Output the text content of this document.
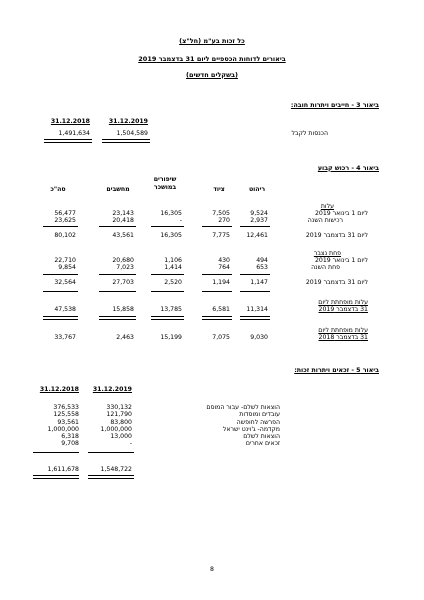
כל זכות בע"מ (חל"צ)
ביאורים לדוחות הכספיים ליום 31 בדצמבר 2019
(בשקלים חדשים)
ביאור 3 - חייבים ויתרות חובה:
31.12.2019
31.12.2018
הכנסות לקבל
1,504,589
1,491,634
ביאור 4 - רכוש קבוע
ריהוט
ציוד
שיפורים במושכר
מחשבים
סה"כ
עלות
ליום 1 בינואר 2019
רכישות השנה
9,524
2,937
7,505
270
16,305
-
23,143
20,418
56,477
23,625
ליום 31 בדצמבר 2019
12,461
7,775
16,305
43,561
80,102
פחת נצבר
ליום 1 בינואר 2019
פחת השנה
494
653
430
764
1,106
1,414
20,680
7,023
22,710
9,854
ליום 31 בדצמבר 2019
1,147
1,194
2,520
27,703
32,564
עלות מופחתת ליום
31 בדצמבר 2019
11,314
6,581
13,785
15,858
47,538
עלות מופחתת ליום
31 בדצמבר 2018
9,030
7,075
15,199
2,463
33,767
ביאור 5 - זכאים ויתרות זכות:
31.12.2019
31.12.2018
הוצאות לשלם- עבור המוסם
עובדים ומוסדות
הפרשה לחופשה
מקדמה- ג'וינט ישראל
הוצאות לשלם
זכאים אחרים
330,132
121,790
83,800
1,000,000
13,000
-
376,533
125,558
93,561
1,000,000
6,318
9,708
1,548,722
1,611,678
8
